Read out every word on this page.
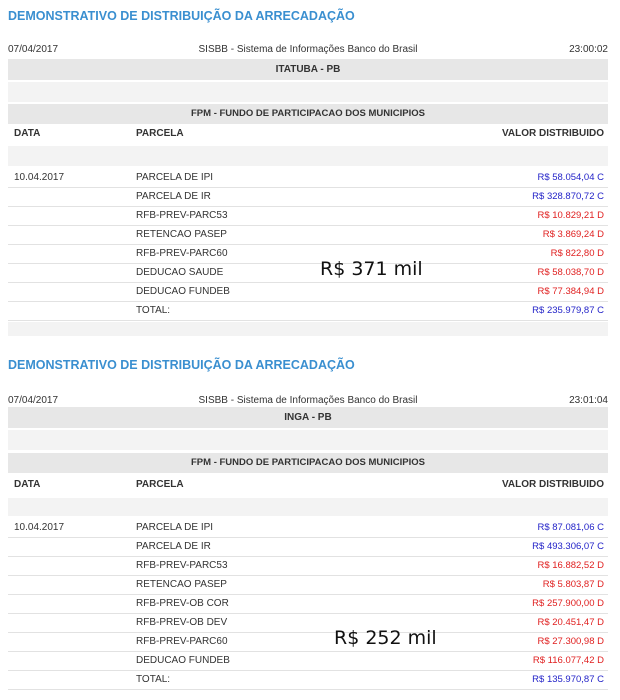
DEMONSTRATIVO DE DISTRIBUIÇÃO DA ARRECADAÇÃO
07/04/2017	SISBB - Sistema de Informações Banco do Brasil	23:00:02
ITATUBA - PB
FPM - FUNDO DE PARTICIPACAO DOS MUNICIPIOS
DATA	PARCELA	VALOR DISTRIBUIDO
10.04.2017	PARCELA DE IPI	R$ 58.054,04 C
PARCELA DE IR	R$ 328.870,72 C
RFB-PREV-PARC53	R$ 10.829,21 D
RETENCAO PASEP	R$ 3.869,24 D
RFB-PREV-PARC60	R$ 822,80 D
DEDUCAO SAUDE	R$ 58.038,70 D
DEDUCAO FUNDEB	R$ 77.384,94 D
TOTAL:	R$ 235.979,87 C
R$ 371 mil
DEMONSTRATIVO DE DISTRIBUIÇÃO DA ARRECADAÇÃO
07/04/2017	SISBB - Sistema de Informações Banco do Brasil	23:01:04
INGA - PB
FPM - FUNDO DE PARTICIPACAO DOS MUNICIPIOS
DATA	PARCELA	VALOR DISTRIBUIDO
10.04.2017	PARCELA DE IPI	R$ 87.081,06 C
PARCELA DE IR	R$ 493.306,07 C
RFB-PREV-PARC53	R$ 16.882,52 D
RETENCAO PASEP	R$ 5.803,87 D
RFB-PREV-OB COR	R$ 257.900,00 D
RFB-PREV-OB DEV	R$ 20.451,47 D
RFB-PREV-PARC60	R$ 27.300,98 D
DEDUCAO FUNDEB	R$ 116.077,42 D
TOTAL:	R$ 135.970,87 C
R$ 252 mil
